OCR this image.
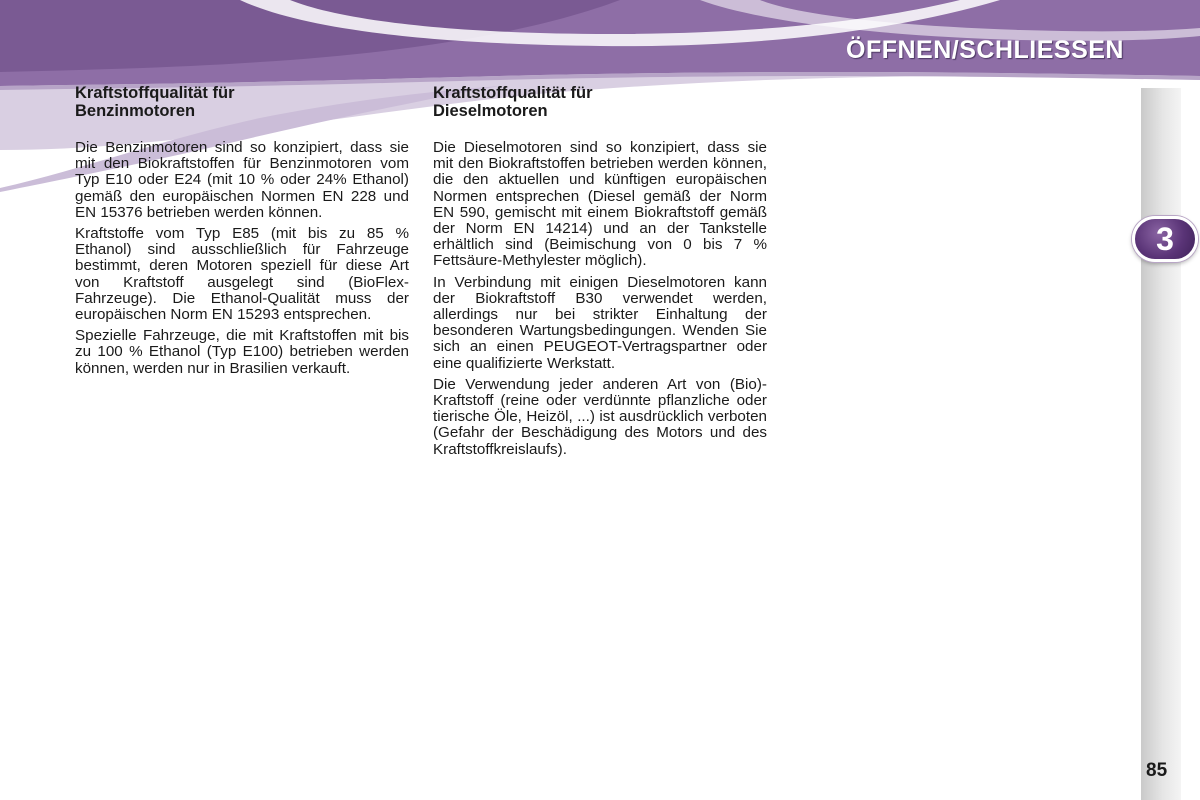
ÖFFNEN/SCHLIESSEN
3
Kraftstoffqualität für
Benzinmotoren

Die Benzinmotoren sind so konzipiert, dass sie mit den Biokraftstoffen für Benzinmotoren vom Typ E10 oder E24 (mit 10 % oder 24% Ethanol) gemäß den europäischen Normen EN 228 und EN 15376 betrieben werden können.

Kraftstoffe vom Typ E85 (mit bis zu 85 % Ethanol) sind ausschließlich für Fahrzeuge bestimmt, deren Motoren speziell für diese Art von Kraftstoff ausgelegt sind (BioFlex-Fahrzeuge). Die Ethanol-Qualität muss der europäischen Norm EN 15293 entsprechen.

Spezielle Fahrzeuge, die mit Kraftstoffen mit bis zu 100 % Ethanol (Typ E100) betrieben werden können, werden nur in Brasilien verkauft.

Kraftstoffqualität für
Dieselmotoren

Die Dieselmotoren sind so konzipiert, dass sie mit den Biokraftstoffen betrieben werden können, die den aktuellen und künftigen europäischen Normen entsprechen (Diesel gemäß der Norm EN 590, gemischt mit einem Biokraftstoff gemäß der Norm EN 14214) und an der Tankstelle erhältlich sind (Beimischung von 0 bis 7 % Fettsäure-Methylester möglich).

In Verbindung mit einigen Dieselmotoren kann der Biokraftstoff B30 verwendet werden, allerdings nur bei strikter Einhaltung der besonderen Wartungsbedingungen. Wenden Sie sich an einen PEUGEOT-Vertragspartner oder eine qualifizierte Werkstatt.

Die Verwendung jeder anderen Art von (Bio)-Kraftstoff (reine oder verdünnte pflanzliche oder tierische Öle, Heizöl, ...) ist ausdrücklich verboten (Gefahr der Beschädigung des Motors und des Kraftstoffkreislaufs).

85
